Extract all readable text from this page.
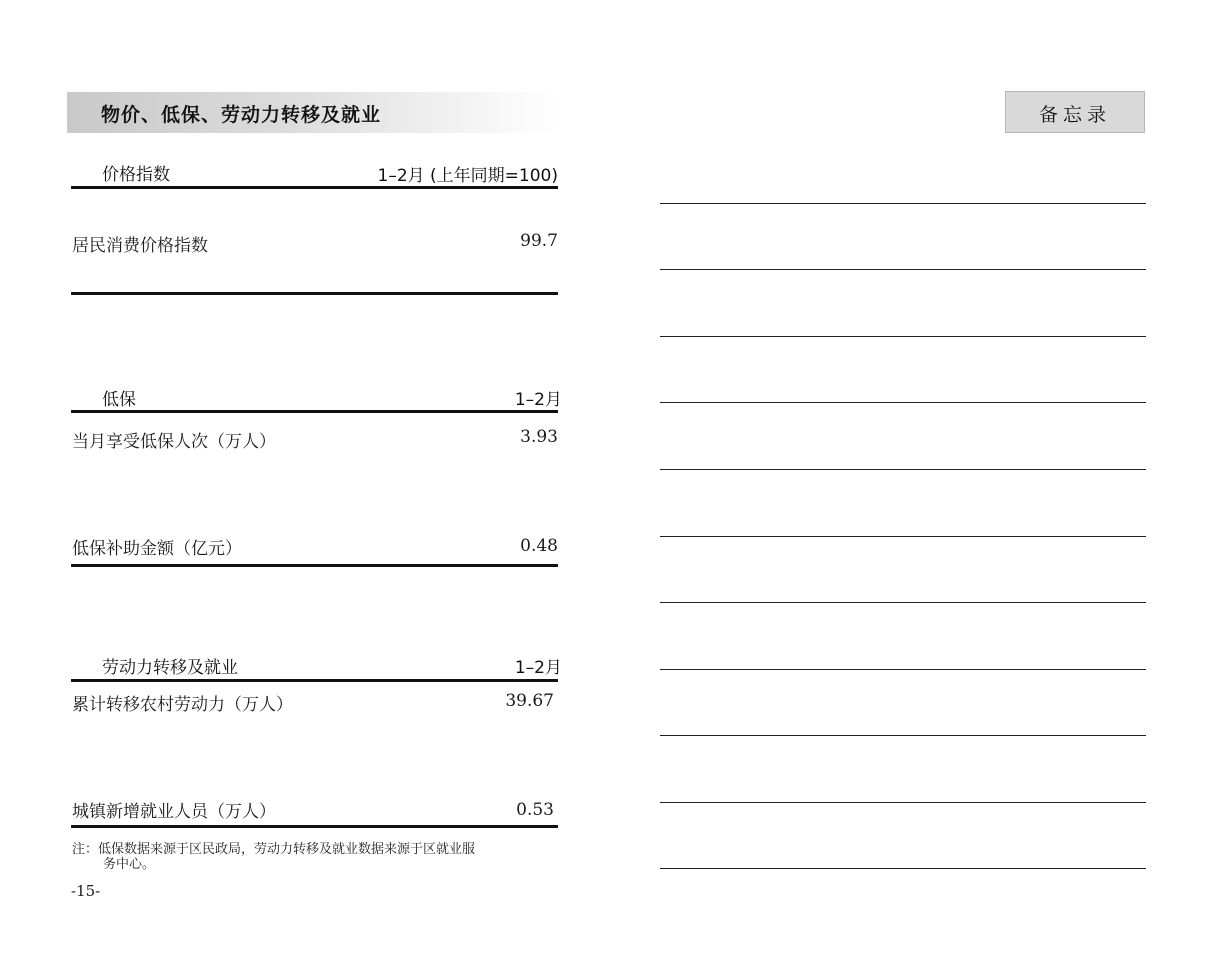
物价、低保、劳动力转移及就业
价格指数	1–2月 (上年同期=100)
居民消费价格指数	99.7
低保	1–2月
当月享受低保人次（万人）	3.93
低保补助金额（亿元）	0.48
劳动力转移及就业	1–2月
累计转移农村劳动力（万人）	39.67
城镇新增就业人员（万人）	0.53
注：低保数据来源于区民政局，劳动力转移及就业数据来源于区就业服
务中心。
-15-
备忘录
